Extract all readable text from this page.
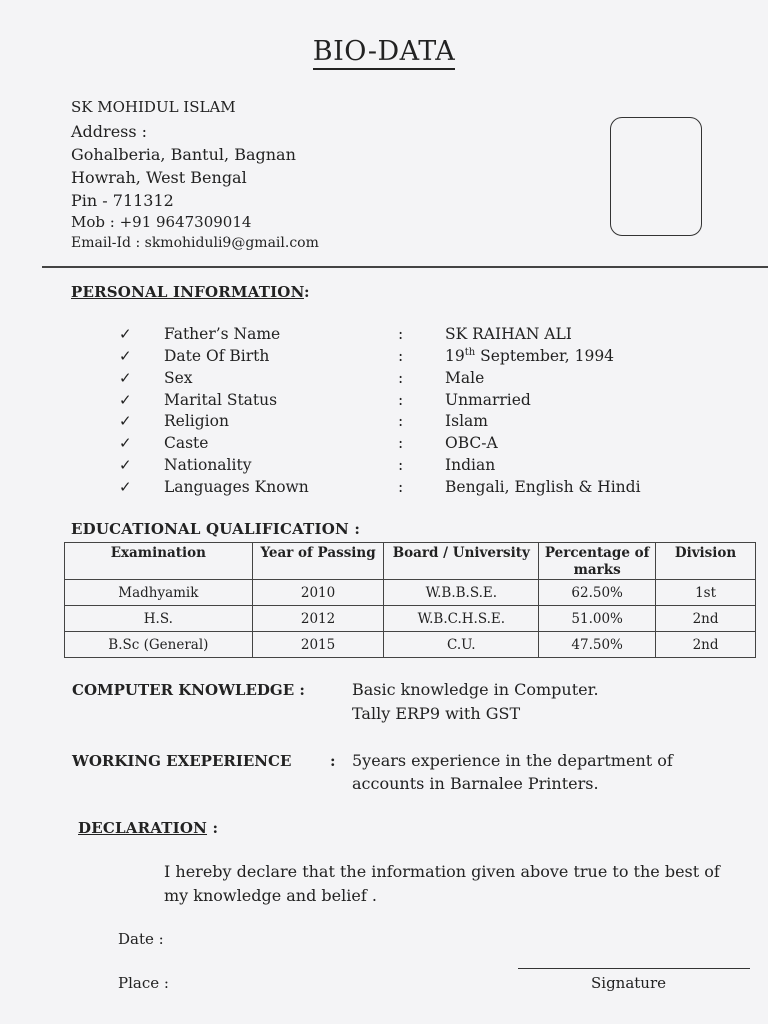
BIO-DATA
SK MOHIDUL ISLAM
Address :
Gohalberia, Bantul, Bagnan
Howrah, West Bengal
Pin - 711312
Mob : +91 9647309014
Email-Id : skmohiduli9@gmail.com
PERSONAL INFORMATION:
✓ Father’s Name	:	SK RAIHAN ALI
✓ Date Of Birth	:	19th September, 1994
✓ Sex	:	Male
✓ Marital Status	:	Unmarried
✓ Religion	:	Islam
✓ Caste	:	OBC-A
✓ Nationality	:	Indian
✓ Languages Known	:	Bengali, English & Hindi
EDUCATIONAL QUALIFICATION :
Examination	Year of Passing	Board / University	Percentage of marks	Division
Madhyamik	2010	W.B.B.S.E.	62.50%	1st
H.S.	2012	W.B.C.H.S.E.	51.00%	2nd
B.Sc (General)	2015	C.U.	47.50%	2nd
COMPUTER KNOWLEDGE :	Basic knowledge in Computer.
Tally ERP9 with GST
WORKING EXEPERIENCE	: 5years experience in the department of
accounts in Barnalee Printers.
DECLARATION :
I hereby declare that the information given above true to the best of
my knowledge and belief .
Date :
Place :	Signature
